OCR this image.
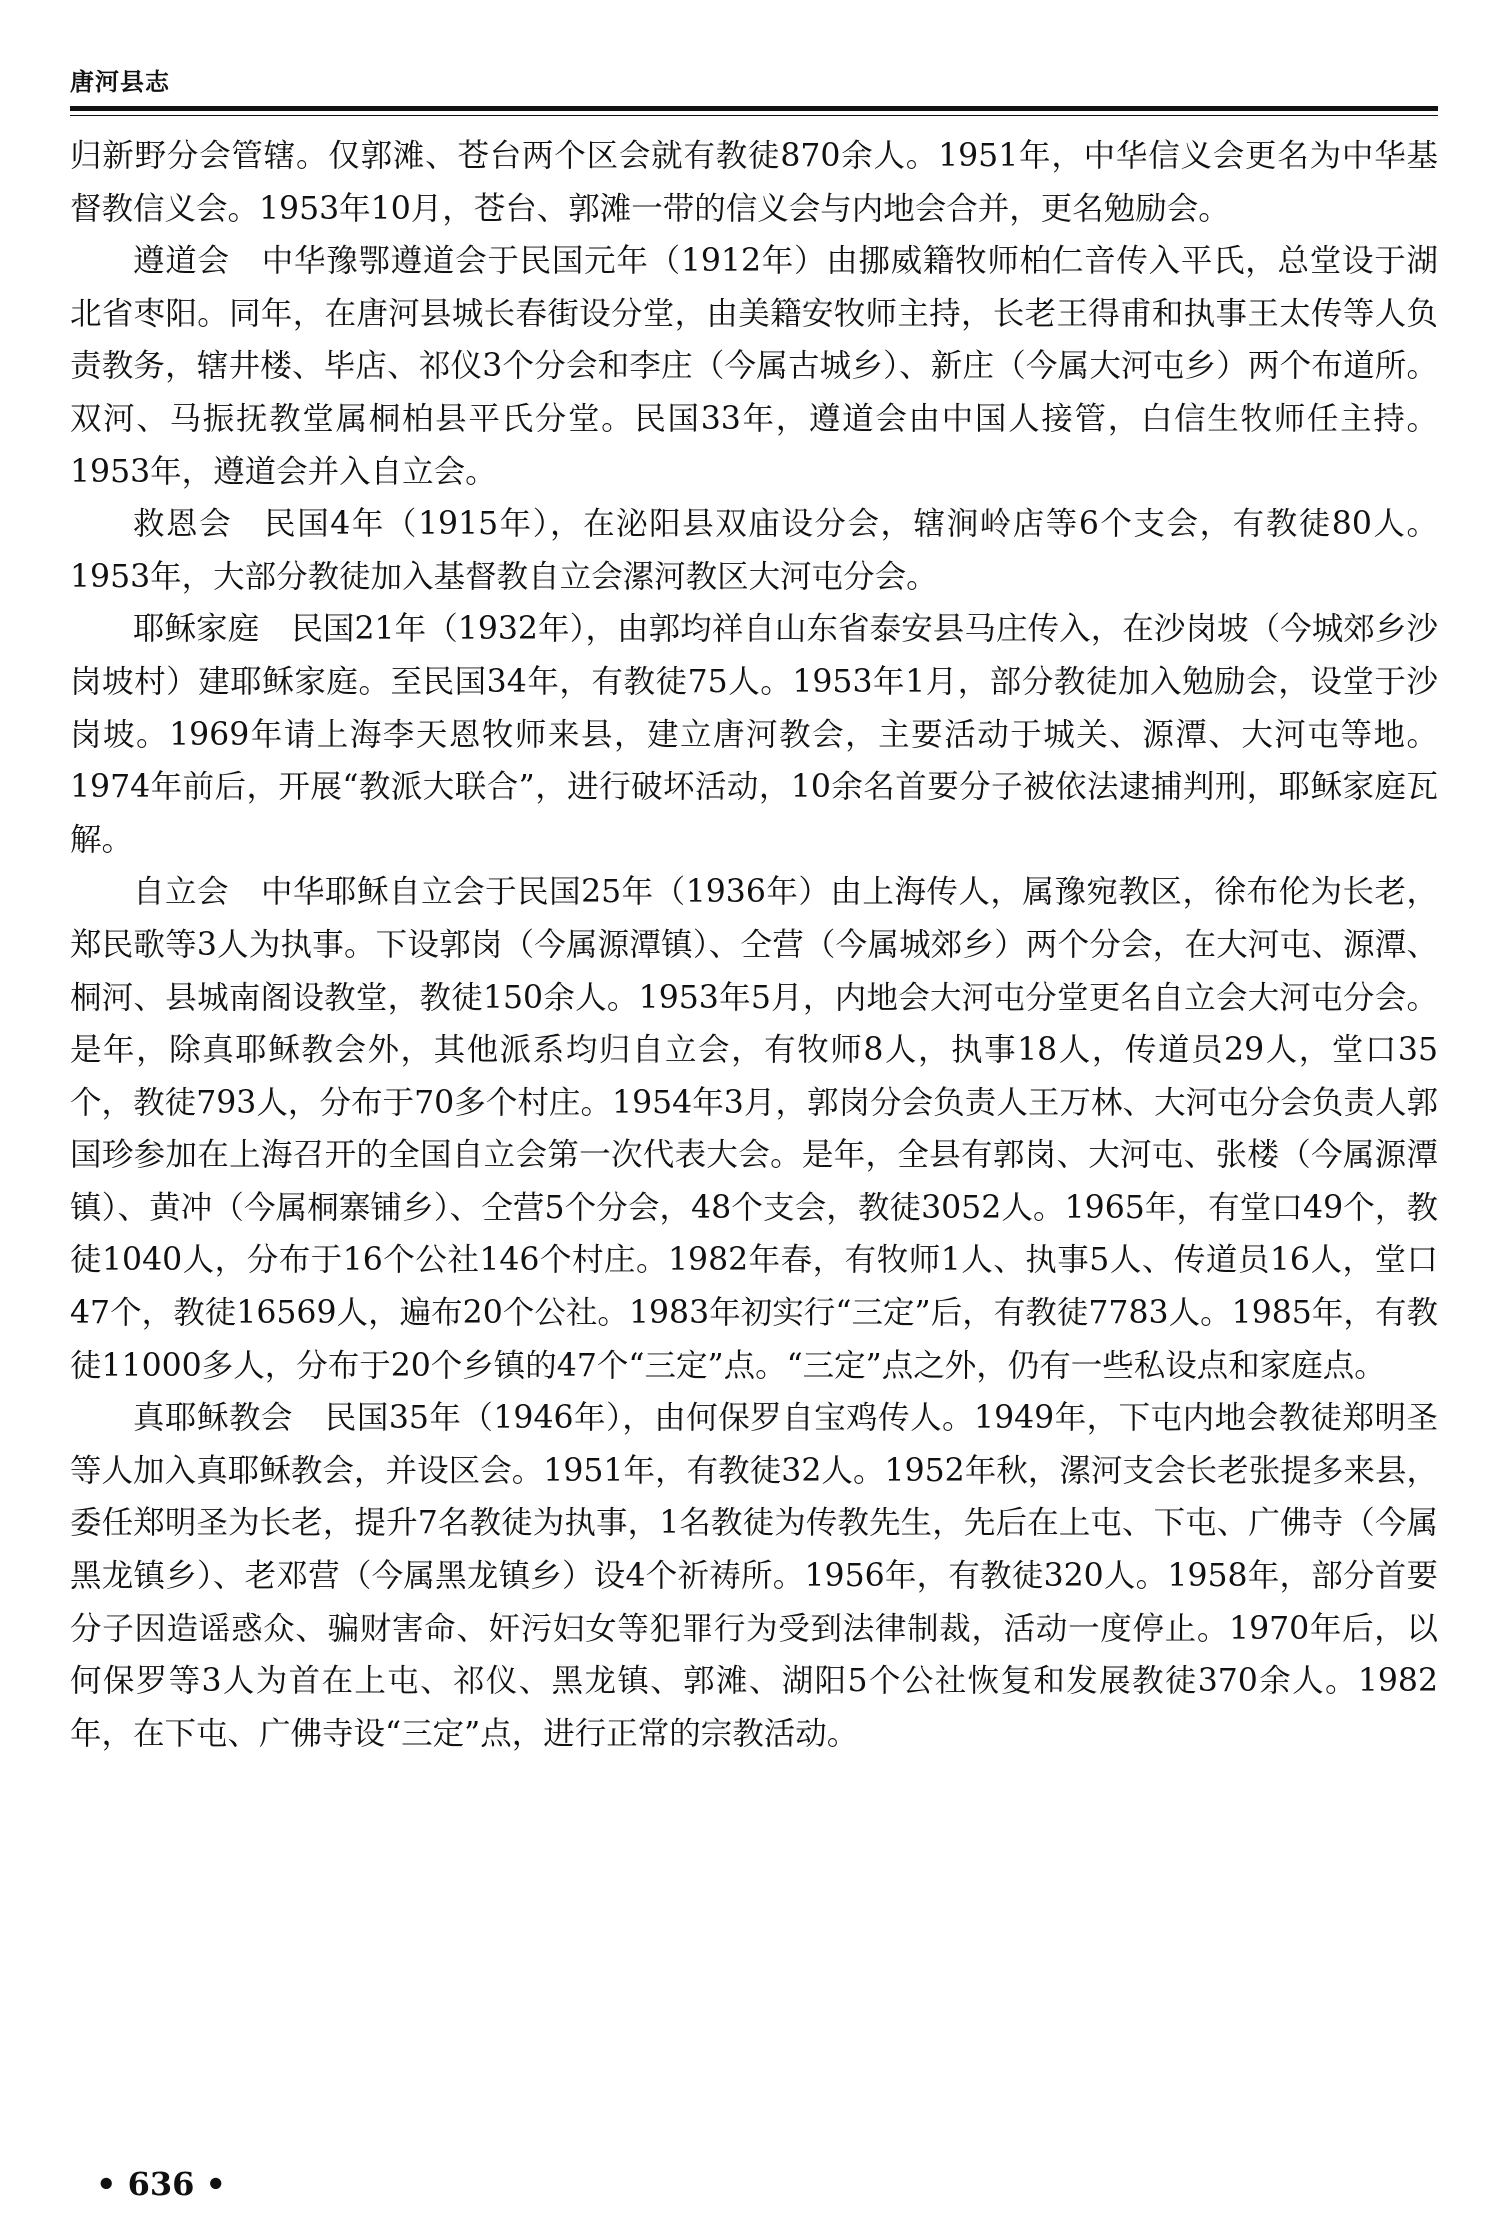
唐河县志

归新野分会管辖。仅郭滩、苍台两个区会就有教徒870余人。1951年，中华信义会更名为中华基督教信义会。1953年10月，苍台、郭滩一带的信义会与内地会合并，更名勉励会。

遵道会 中华豫鄂遵道会于民国元年（1912年）由挪威籍牧师柏仁音传入平氏，总堂设于湖北省枣阳。同年，在唐河县城长春街设分堂，由美籍安牧师主持，长老王得甫和执事王太传等人负责教务，辖井楼、毕店、祁仪3个分会和李庄（今属古城乡）、新庄（今属大河屯乡）两个布道所。双河、马振抚教堂属桐柏县平氏分堂。民国33年，遵道会由中国人接管，白信生牧师任主持。1953年，遵道会并入自立会。

救恩会 民国4年（1915年），在泌阳县双庙设分会，辖涧岭店等6个支会，有教徒80人。1953年，大部分教徒加入基督教自立会漯河教区大河屯分会。

耶稣家庭 民国21年（1932年），由郭均祥自山东省泰安县马庄传入，在沙岗坡（今城郊乡沙岗坡村）建耶稣家庭。至民国34年，有教徒75人。1953年1月，部分教徒加入勉励会，设堂于沙岗坡。1969年请上海李天恩牧师来县，建立唐河教会，主要活动于城关、源潭、大河屯等地。1974年前后，开展“教派大联合”，进行破坏活动，10余名首要分子被依法逮捕判刑，耶稣家庭瓦解。

自立会 中华耶稣自立会于民国25年（1936年）由上海传人，属豫宛教区，徐布伦为长老，郑民歌等3人为执事。下设郭岗（今属源潭镇）、仝营（今属城郊乡）两个分会，在大河屯、源潭、桐河、县城南阁设教堂，教徒150余人。1953年5月，内地会大河屯分堂更名自立会大河屯分会。是年，除真耶稣教会外，其他派系均归自立会，有牧师8人，执事18人，传道员29人，堂口35个，教徒793人，分布于70多个村庄。1954年3月，郭岗分会负责人王万林、大河屯分会负责人郭国珍参加在上海召开的全国自立会第一次代表大会。是年，全县有郭岗、大河屯、张楼（今属源潭镇）、黄冲（今属桐寨铺乡）、仝营5个分会，48个支会，教徒3052人。1965年，有堂口49个，教徒1040人，分布于16个公社146个村庄。1982年春，有牧师1人、执事5人、传道员16人，堂口47个，教徒16569人，遍布20个公社。1983年初实行“三定”后，有教徒7783人。1985年，有教徒11000多人，分布于20个乡镇的47个“三定”点。“三定”点之外，仍有一些私设点和家庭点。

真耶稣教会 民国35年（1946年），由何保罗自宝鸡传人。1949年，下屯内地会教徒郑明圣等人加入真耶稣教会，并设区会。1951年，有教徒32人。1952年秋，漯河支会长老张提多来县，委任郑明圣为长老，提升7名教徒为执事，1名教徒为传教先生，先后在上屯、下屯、广佛寺（今属黑龙镇乡）、老邓营（今属黑龙镇乡）设4个祈祷所。1956年，有教徒320人。1958年，部分首要分子因造谣惑众、骗财害命、奸污妇女等犯罪行为受到法律制裁，活动一度停止。1970年后，以何保罗等3人为首在上屯、祁仪、黑龙镇、郭滩、湖阳5个公社恢复和发展教徒370余人。1982年，在下屯、广佛寺设“三定”点，进行正常的宗教活动。

• 636 •
